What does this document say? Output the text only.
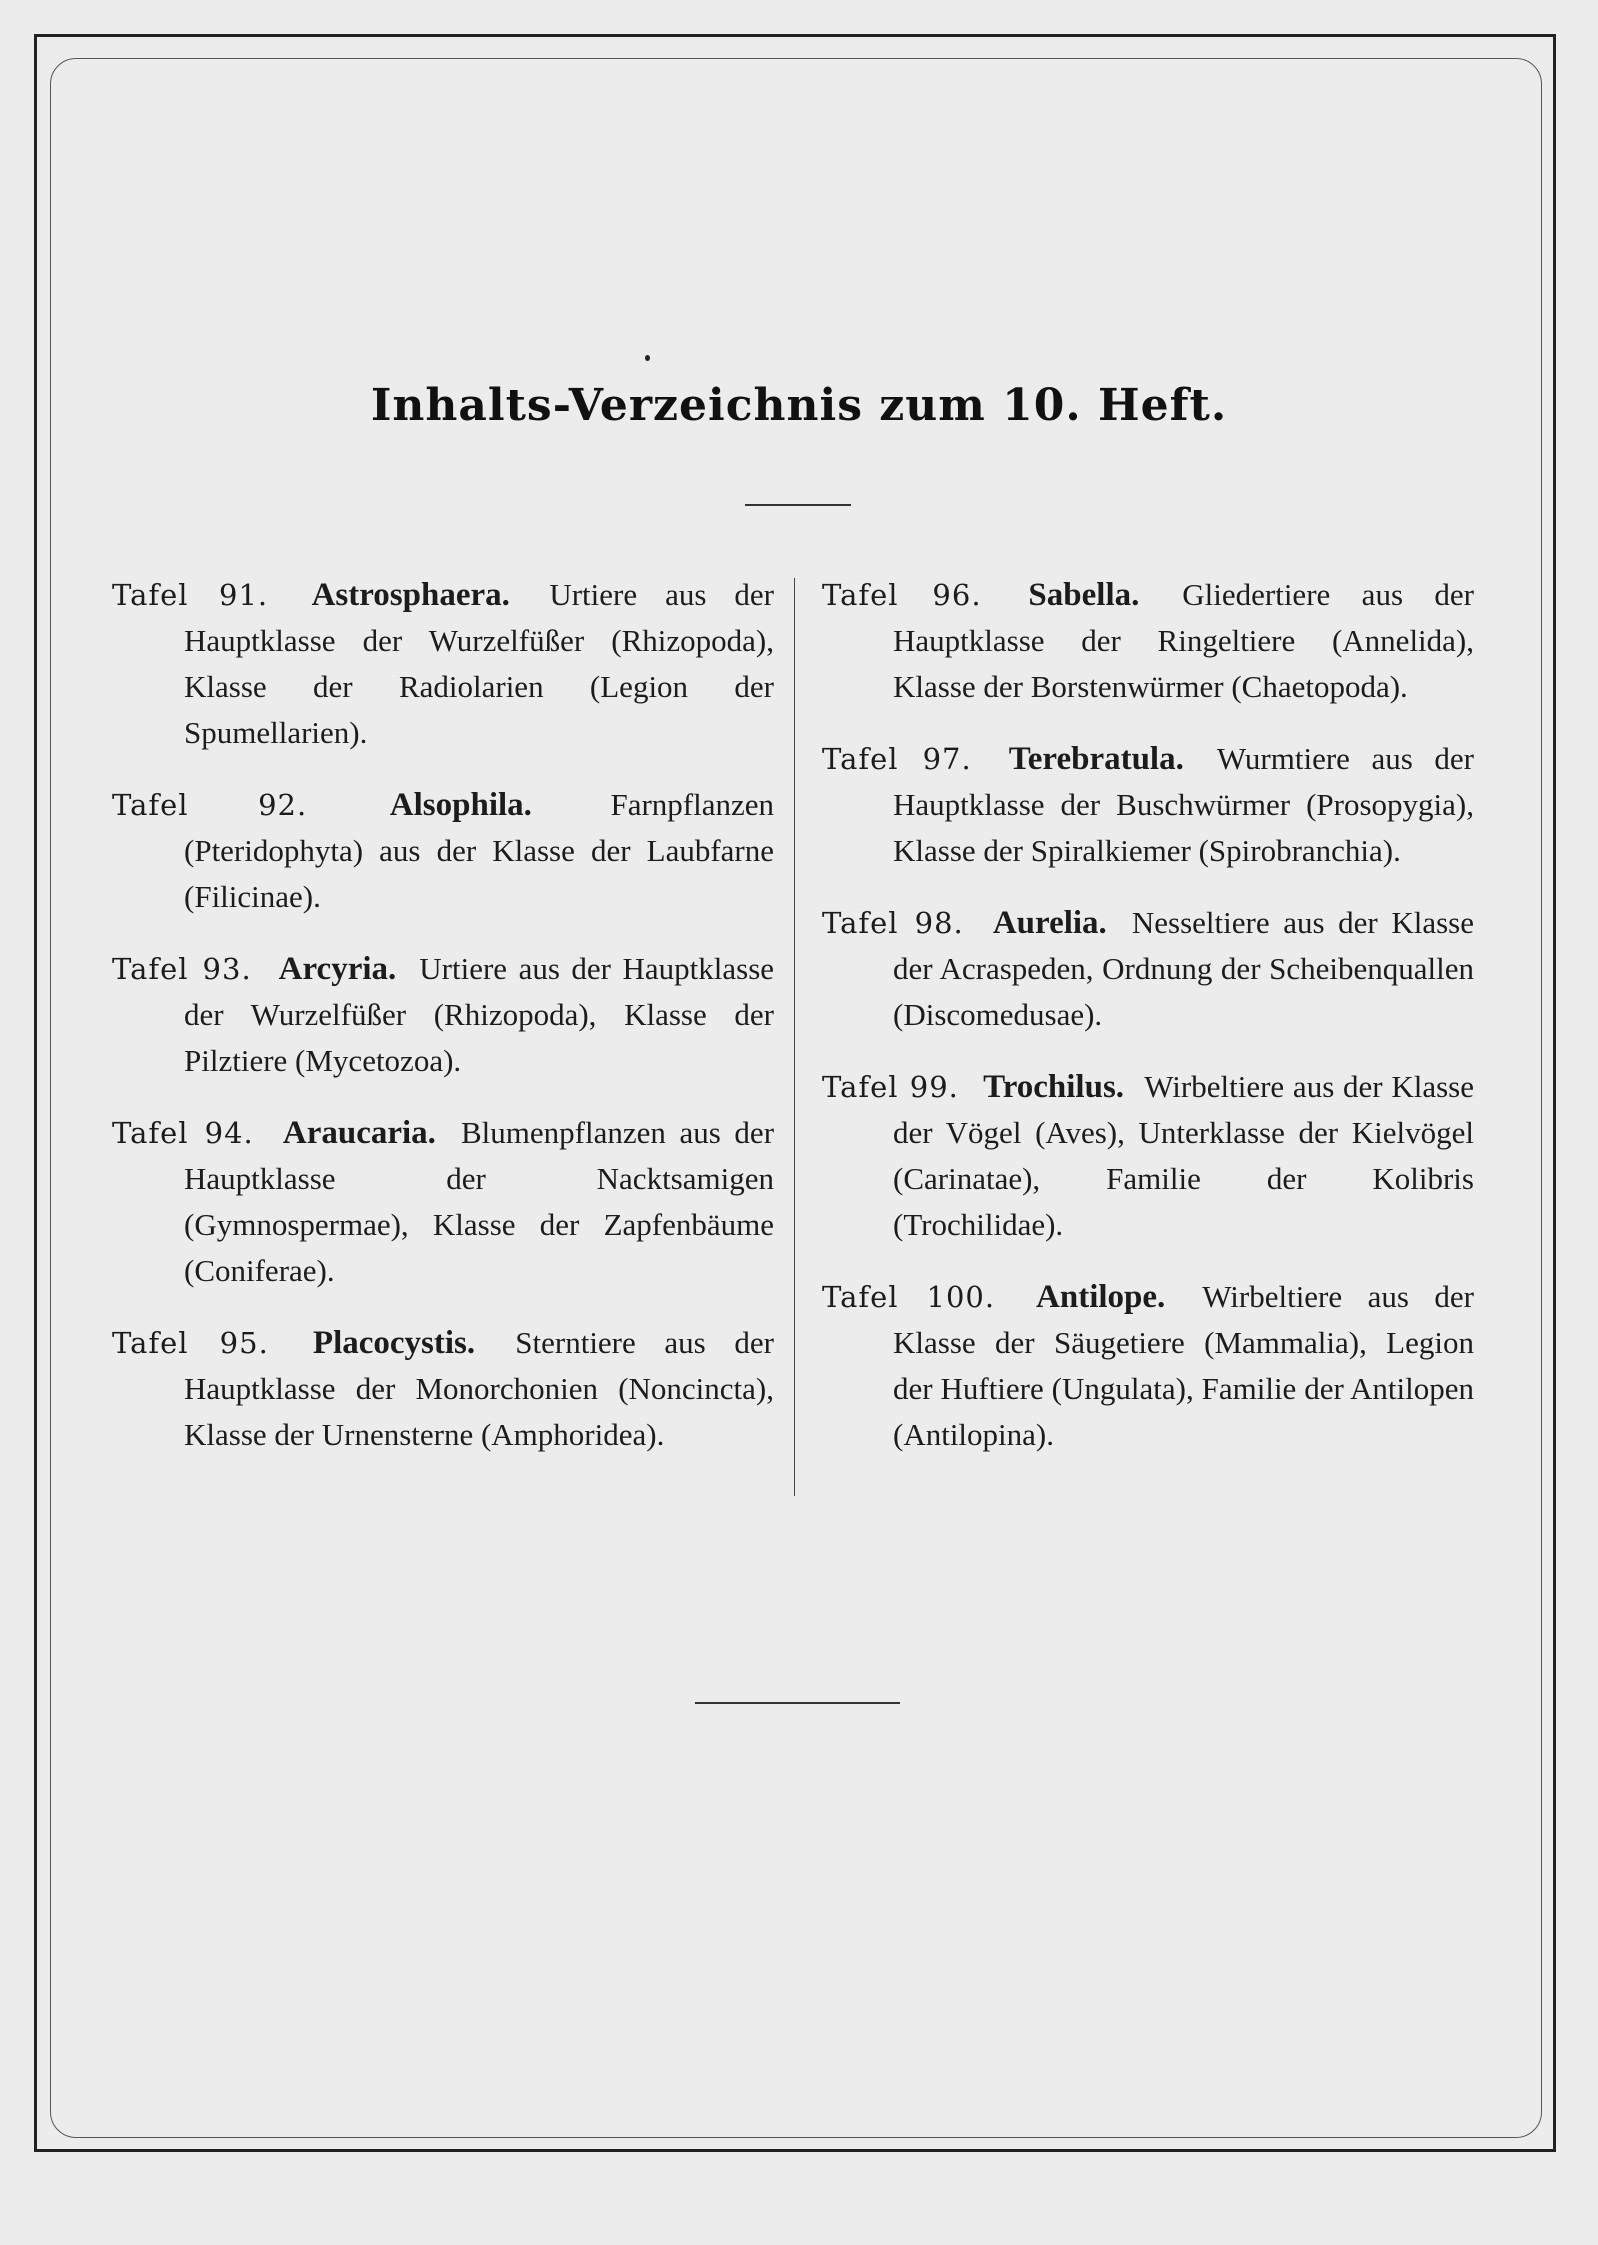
Inhalts-Verzeichnis zum 10. Heft.
Tafel 91. Astrosphaera. Urtiere aus der Hauptklasse der Wurzelfüßer (Rhizopoda), Klasse der Radiolarien (Legion der Spumellarien).
Tafel 92.	Alsophila.	Farnpflanzen (Pteridophyta) aus der Klasse der Laubfarne (Filicinae).
Tafel 93. Arcyria. Urtiere aus der Hauptklasse der Wurzelfüßer (Rhizopoda), Klasse der Pilztiere (Mycetozoa).
Tafel 94. Araucaria. Blumenpflanzen aus der Hauptklasse der Nacktsamigen (Gymnospermae), Klasse der Zapfenbäume (Coniferae).
Tafel 95. Placocystis. Sterntiere aus der Hauptklasse der Monorchonien (Noncincta), Klasse der Urnensterne (Amphoridea).
Tafel 96. Sabella. Gliedertiere aus der Hauptklasse der Ringeltiere (Annelida), Klasse der Borstenwürmer (Chaetopoda).
Tafel 97. Terebratula. Wurmtiere aus der Hauptklasse der Buschwürmer (Prosopygia), Klasse der Spiralkiemer (Spirobranchia).
Tafel 98. Aurelia. Nesseltiere aus der Klasse der Acraspeden, Ordnung der Scheibenquallen (Discomedusae).
Tafel 99. Trochilus. Wirbeltiere aus der Klasse der Vögel (Aves), Unterklasse der Kielvögel (Carinatae), Familie der Kolibris (Trochilidae).
Tafel 100. Antilope. Wirbeltiere aus der Klasse der Säugetiere (Mammalia), Legion der Huftiere (Ungulata), Familie der Antilopen (Antilopina).
